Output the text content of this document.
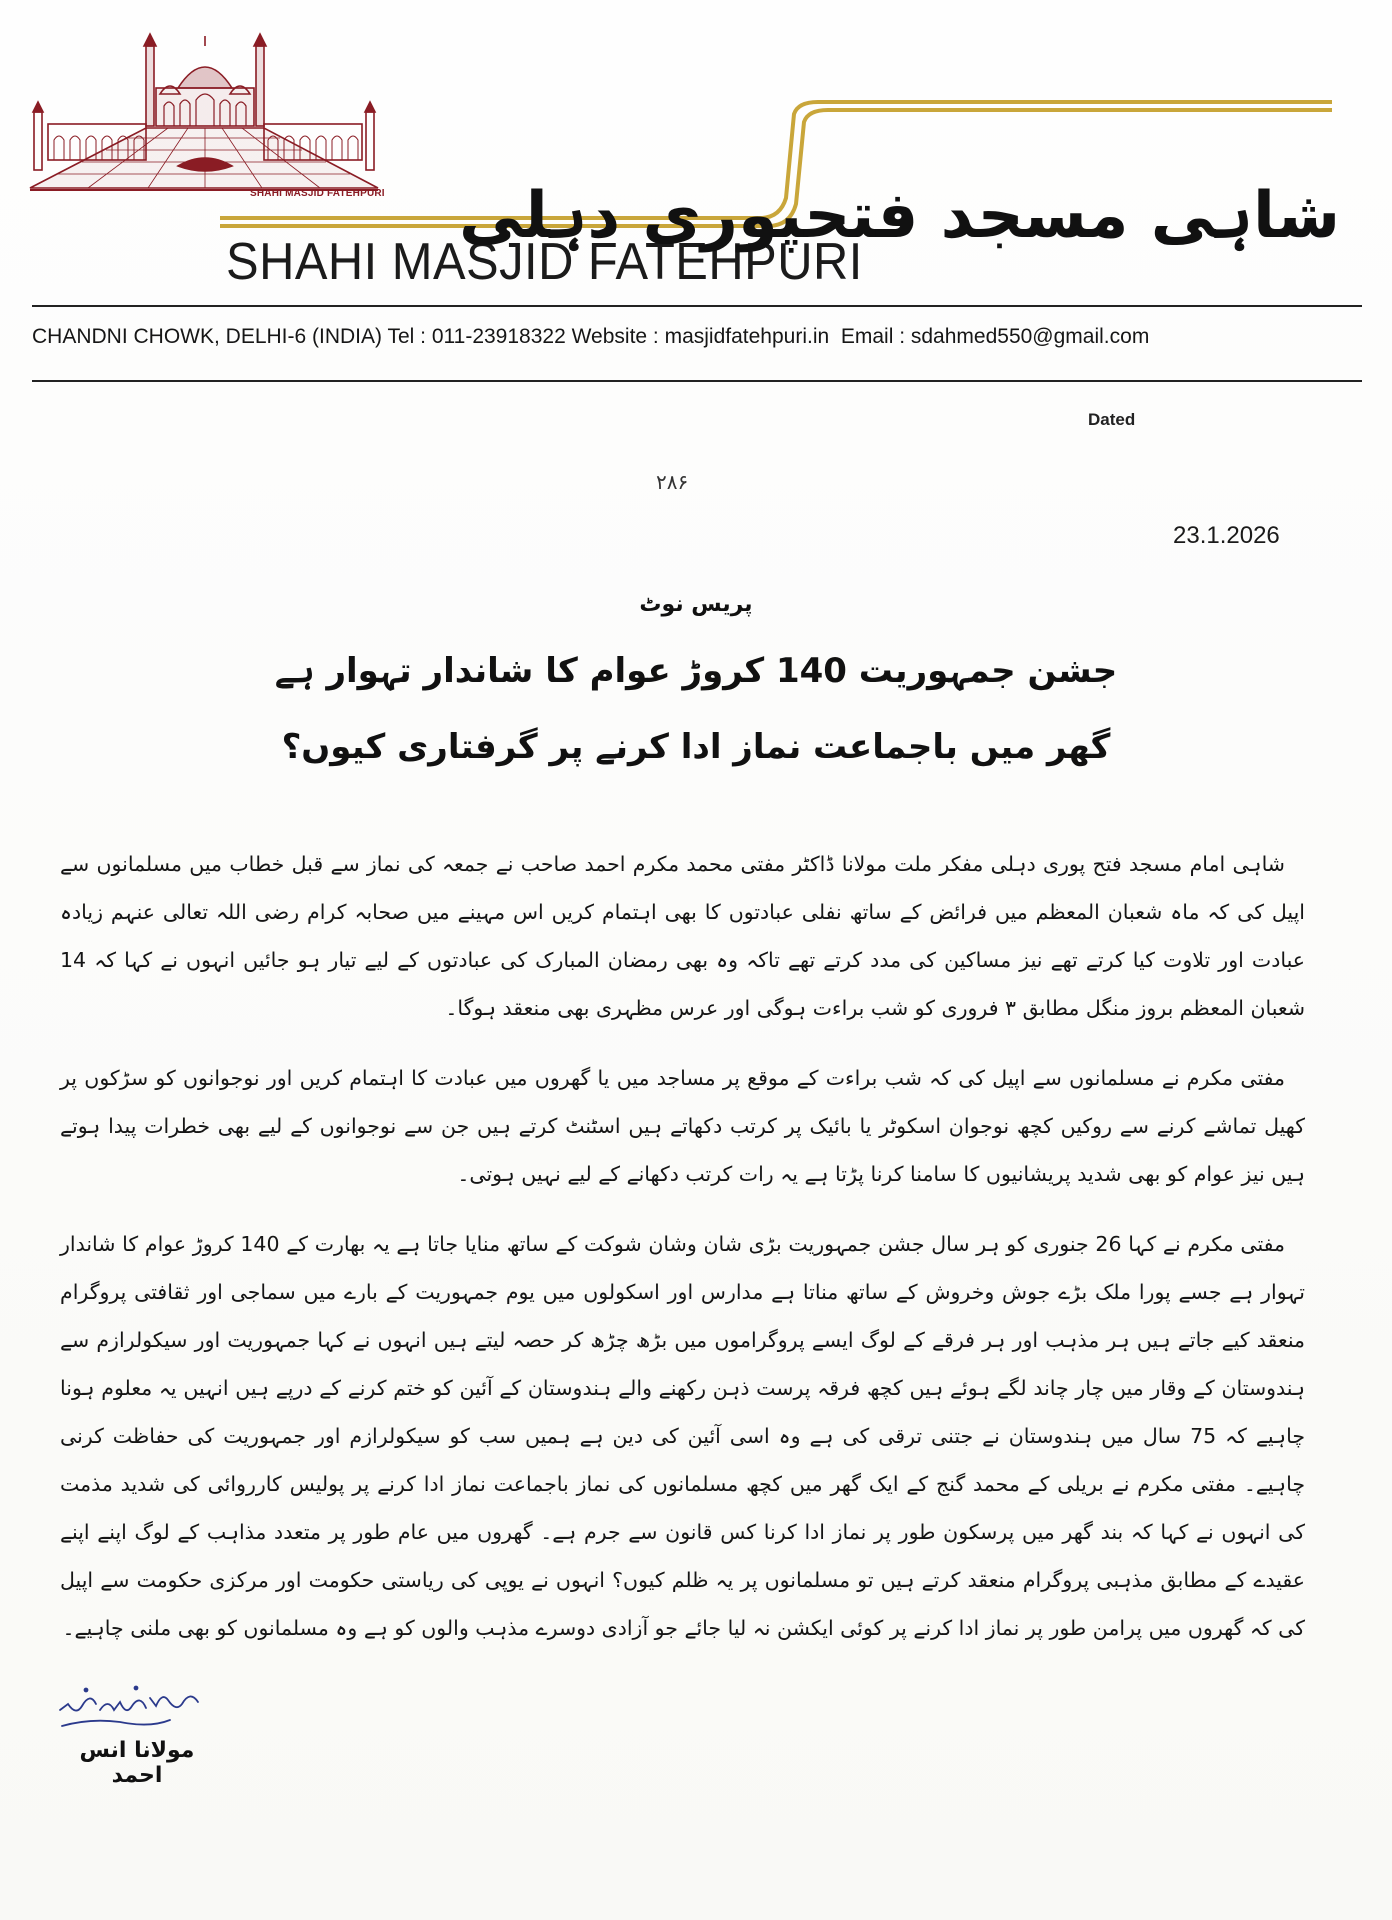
SHAHI MASJID FATEHPURI
SHAHI MASJID FATEHPURI
شاہی مسجد فتحپوری دہلی
CHANDNI CHOWK, DELHI-6 (INDIA) Tel : 011-23918322 Website : masjidfatehpuri.in Email : sdahmed550@gmail.com
Dated
۲۸۶
23.1.2026
پریس نوٹ
جشن جمہوریت 140 کروڑ عوام کا شاندار تہوار ہے
گھر میں باجماعت نماز ادا کرنے پر گرفتاری کیوں؟

شاہی امام مسجد فتح پوری دہلی مفکر ملت مولانا ڈاکٹر مفتی محمد مکرم احمد صاحب نے جمعہ کی نماز سے قبل خطاب میں مسلمانوں سے اپیل کی کہ ماہ شعبان المعظم میں فرائض کے ساتھ نفلی عبادتوں کا بھی اہتمام کریں اس مہینے میں صحابہ کرام رضی اللہ تعالی عنہم زیادہ عبادت اور تلاوت کیا کرتے تھے نیز مساکین کی مدد کرتے تھے تاکہ وہ بھی رمضان المبارک کی عبادتوں کے لیے تیار ہو جائیں انہوں نے کہا کہ 14 شعبان المعظم بروز منگل مطابق ۳ فروری کو شب براءت ہوگی اور عرس مظہری بھی منعقد ہوگا۔

مفتی مکرم نے مسلمانوں سے اپیل کی کہ شب براءت کے موقع پر مساجد میں یا گھروں میں عبادت کا اہتمام کریں اور نوجوانوں کو سڑکوں پر کھیل تماشے کرنے سے روکیں کچھ نوجوان اسکوٹر یا بائیک پر کرتب دکھاتے ہیں اسٹنٹ کرتے ہیں جن سے نوجوانوں کے لیے بھی خطرات پیدا ہوتے ہیں نیز عوام کو بھی شدید پریشانیوں کا سامنا کرنا پڑتا ہے یہ رات کرتب دکھانے کے لیے نہیں ہوتی۔

مفتی مکرم نے کہا 26 جنوری کو ہر سال جشن جمہوریت بڑی شان وشان شوکت کے ساتھ منایا جاتا ہے یہ بھارت کے 140 کروڑ عوام کا شاندار تہوار ہے جسے پورا ملک بڑے جوش وخروش کے ساتھ مناتا ہے مدارس اور اسکولوں میں یوم جمہوریت کے بارے میں سماجی اور ثقافتی پروگرام منعقد کیے جاتے ہیں ہر مذہب اور ہر فرقے کے لوگ ایسے پروگراموں میں بڑھ چڑھ کر حصہ لیتے ہیں انہوں نے کہا جمہوریت اور سیکولرازم سے ہندوستان کے وقار میں چار چاند لگے ہوئے ہیں کچھ فرقہ پرست ذہن رکھنے والے ہندوستان کے آئین کو ختم کرنے کے درپے ہیں انہیں یہ معلوم ہونا چاہیے کہ 75 سال میں ہندوستان نے جتنی ترقی کی ہے وہ اسی آئین کی دین ہے ہمیں سب کو سیکولرازم اور جمہوریت کی حفاظت کرنی چاہیے۔ مفتی مکرم نے بریلی کے محمد گنج کے ایک گھر میں کچھ مسلمانوں کی نماز باجماعت نماز ادا کرنے پر پولیس کارروائی کی شدید مذمت کی انہوں نے کہا کہ بند گھر میں پرسکون طور پر نماز ادا کرنا کس قانون سے جرم ہے۔ گھروں میں عام طور پر متعدد مذاہب کے لوگ اپنے اپنے عقیدے کے مطابق مذہبی پروگرام منعقد کرتے ہیں تو مسلمانوں پر یہ ظلم کیوں؟ انہوں نے یوپی کی ریاستی حکومت اور مرکزی حکومت سے اپیل کی کہ گھروں میں پرامن طور پر نماز ادا کرنے پر کوئی ایکشن نہ لیا جائے جو آزادی دوسرے مذہب والوں کو ہے وہ مسلمانوں کو بھی ملنی چاہیے۔

مولانا انس احمد
